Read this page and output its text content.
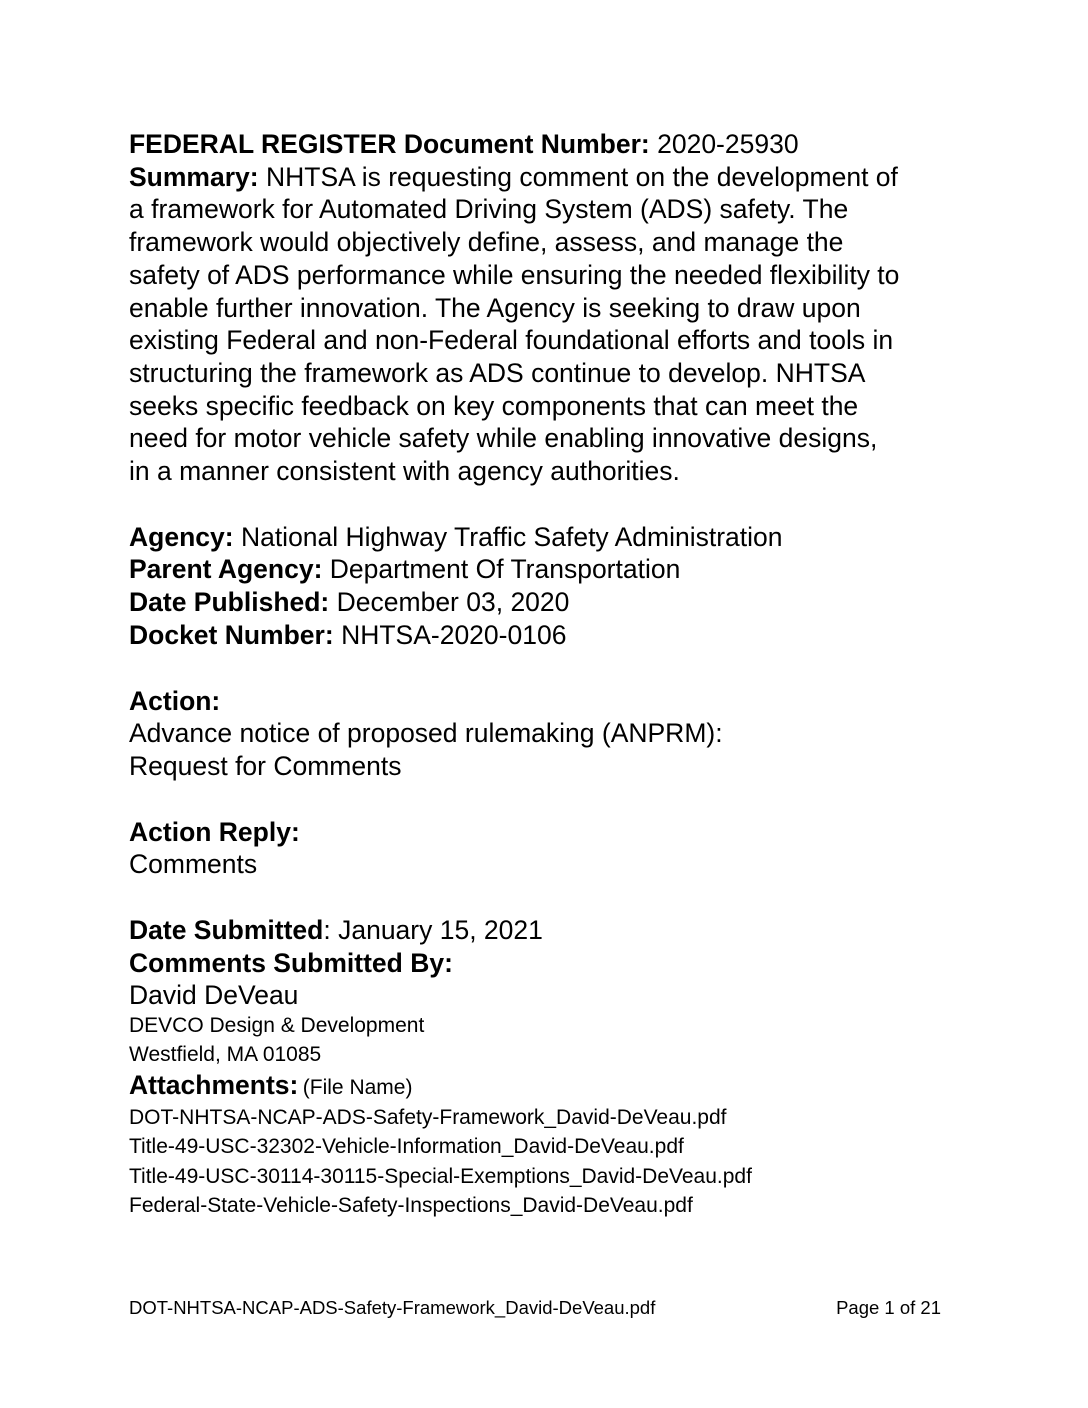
FEDERAL REGISTER Document Number: 2020-25930
Summary: NHTSA is requesting comment on the development of
a framework for Automated Driving System (ADS) safety. The
framework would objectively define, assess, and manage the
safety of ADS performance while ensuring the needed flexibility to
enable further innovation. The Agency is seeking to draw upon
existing Federal and non-Federal foundational efforts and tools in
structuring the framework as ADS continue to develop. NHTSA
seeks specific feedback on key components that can meet the
need for motor vehicle safety while enabling innovative designs,
in a manner consistent with agency authorities.
Agency: National Highway Traffic Safety Administration
Parent Agency: Department Of Transportation
Date Published: December 03, 2020
Docket Number: NHTSA-2020-0106
Action:
Advance notice of proposed rulemaking (ANPRM):
Request for Comments
Action Reply:
Comments
Date Submitted: January 15, 2021
Comments Submitted By:
David DeVeau
DEVCO Design & Development
Westfield, MA 01085
Attachments: (File Name)
DOT-NHTSA-NCAP-ADS-Safety-Framework_David-DeVeau.pdf
Title-49-USC-32302-Vehicle-Information_David-DeVeau.pdf
Title-49-USC-30114-30115-Special-Exemptions_David-DeVeau.pdf
Federal-State-Vehicle-Safety-Inspections_David-DeVeau.pdf
DOT-NHTSA-NCAP-ADS-Safety-Framework_David-DeVeau.pdf	Page 1 of 21
